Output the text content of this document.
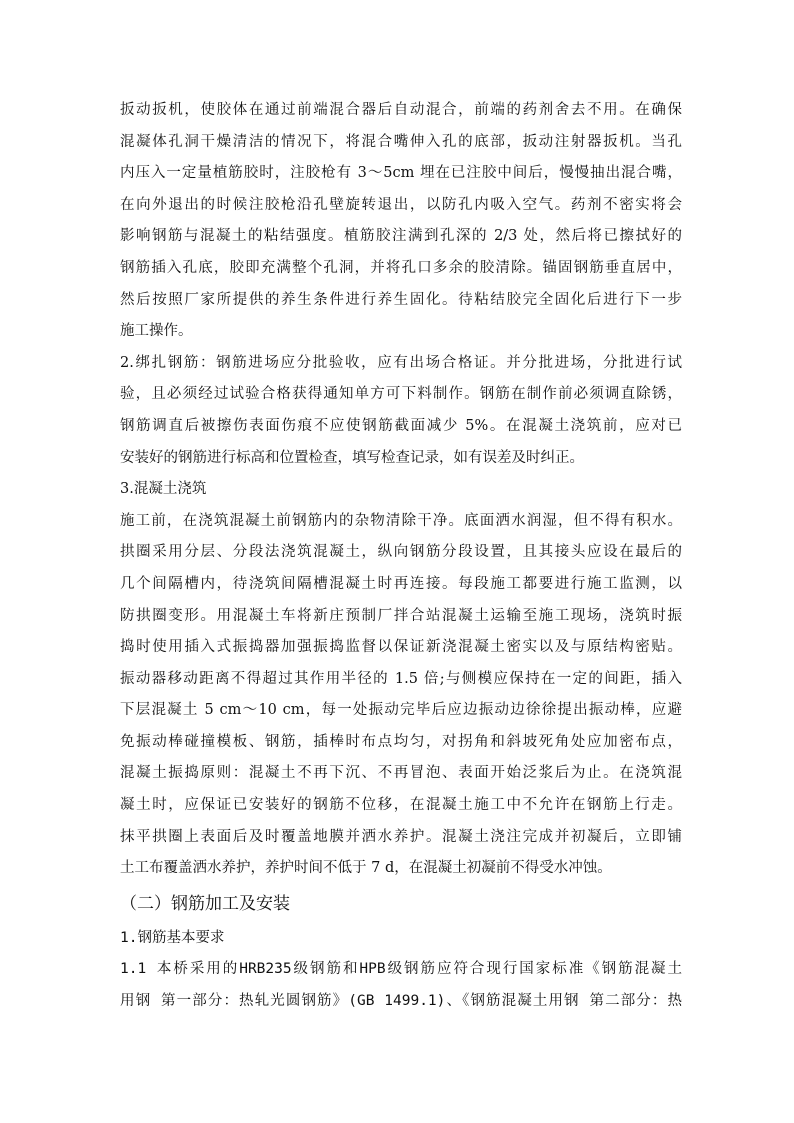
扳动扳机，使胶体在通过前端混合器后自动混合，前端的药剂舍去不用。在确保
混凝体孔洞干燥清洁的情况下，将混合嘴伸入孔的底部，扳动注射器扳机。当孔
内压入一定量植筋胶时，注胶枪有 3～5cm 埋在已注胶中间后，慢慢抽出混合嘴，
在向外退出的时候注胶枪沿孔壁旋转退出，以防孔内吸入空气。药剂不密实将会
影响钢筋与混凝土的粘结强度。植筋胶注满到孔深的 2/3 处，然后将已擦拭好的
钢筋插入孔底，胶即充满整个孔洞，并将孔口多余的胶清除。锚固钢筋垂直居中，
然后按照厂家所提供的养生条件进行养生固化。待粘结胶完全固化后进行下一步
施工操作。
2.绑扎钢筋：钢筋进场应分批验收，应有出场合格证。并分批进场，分批进行试
验，且必须经过试验合格获得通知单方可下料制作。钢筋在制作前必须调直除锈，
钢筋调直后被擦伤表面伤痕不应使钢筋截面减少 5%。在混凝土浇筑前，应对已
安装好的钢筋进行标高和位置检查，填写检查记录，如有误差及时纠正。
3.混凝土浇筑
施工前，在浇筑混凝土前钢筋内的杂物清除干净。底面洒水润湿，但不得有积水。
拱圈采用分层、分段法浇筑混凝土，纵向钢筋分段设置，且其接头应设在最后的
几个间隔槽内，待浇筑间隔槽混凝土时再连接。每段施工都要进行施工监测，以
防拱圈变形。用混凝土车将新庄预制厂拌合站混凝土运输至施工现场，浇筑时振
捣时使用插入式振捣器加强振捣监督以保证新浇混凝土密实以及与原结构密贴。
振动器移动距离不得超过其作用半径的 1.5 倍;与侧模应保持在一定的间距，插入
下层混凝土 5 cm～10 cm，每一处振动完毕后应边振动边徐徐提出振动棒，应避
免振动棒碰撞模板、钢筋，插棒时布点均匀，对拐角和斜坡死角处应加密布点，
混凝土振捣原则：混凝土不再下沉、不再冒泡、表面开始泛浆后为止。在浇筑混
凝土时，应保证已安装好的钢筋不位移，在混凝土施工中不允许在钢筋上行走。
抹平拱圈上表面后及时覆盖地膜并洒水养护。混凝土浇注完成并初凝后，立即铺
土工布覆盖洒水养护，养护时间不低于 7 d，在混凝土初凝前不得受水冲蚀。
（二）钢筋加工及安装
1.钢筋基本要求
1.1 本桥采用的HRB235级钢筋和HPB级钢筋应符合现行国家标准《钢筋混凝土
用钢 第一部分：热轧光圆钢筋》(GB 1499.1)、《钢筋混凝土用钢 第二部分：热
